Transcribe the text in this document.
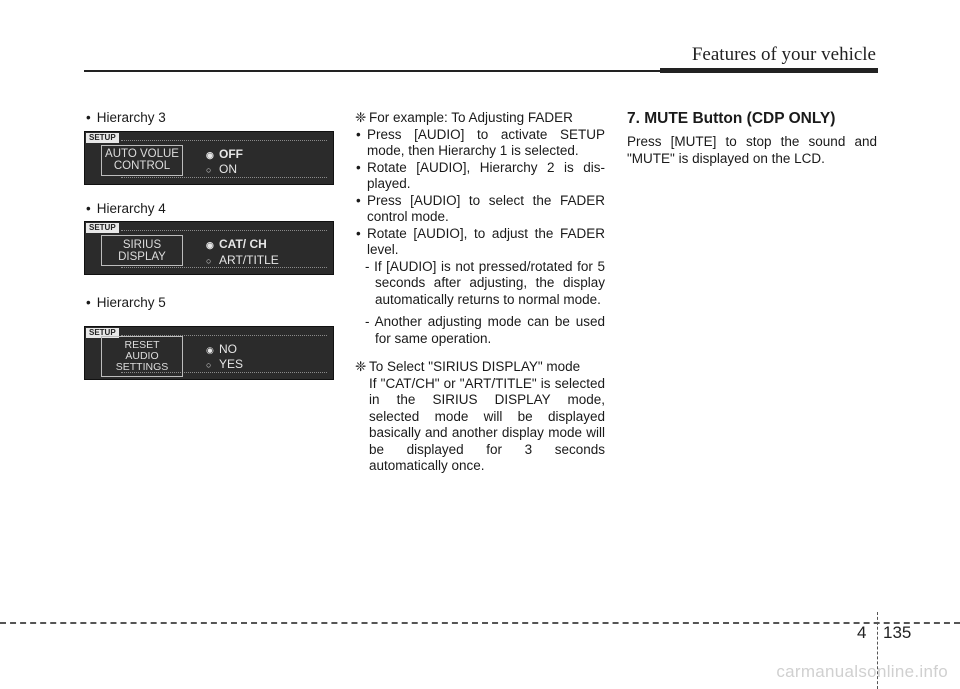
Features of your vehicle
• Hierarchy 3
SETUP
AUTO VOLUE
CONTROL
◉ OFF
○ ON
• Hierarchy 4
SETUP
SIRIUS
DISPLAY
◉ CAT/ CH
○ ART/TITLE
• Hierarchy 5
SETUP
RESET
AUDIO
SETTINGS
◉ NO
○ YES
❈ For example: To Adjusting FADER
• Press [AUDIO] to activate SETUP mode, then Hierarchy 1 is selected.
• Rotate [AUDIO], Hierarchy 2 is dis-played.
• Press [AUDIO] to select the FADER control mode.
• Rotate [AUDIO], to adjust the FADER level.
- If [AUDIO] is not pressed/rotated for 5 seconds after adjusting, the display automatically returns to normal mode.
- Another adjusting mode can be used for same operation.
❈ To Select "SIRIUS DISPLAY" mode
If "CAT/CH" or "ART/TITLE" is selected in the SIRIUS DISPLAY mode, selected mode will be displayed basically and another display mode will be displayed for 3 seconds automatically once.
7. MUTE Button (CDP ONLY)
Press [MUTE] to stop the sound and "MUTE" is displayed on the LCD.
4 135
carmanualsonline.info
